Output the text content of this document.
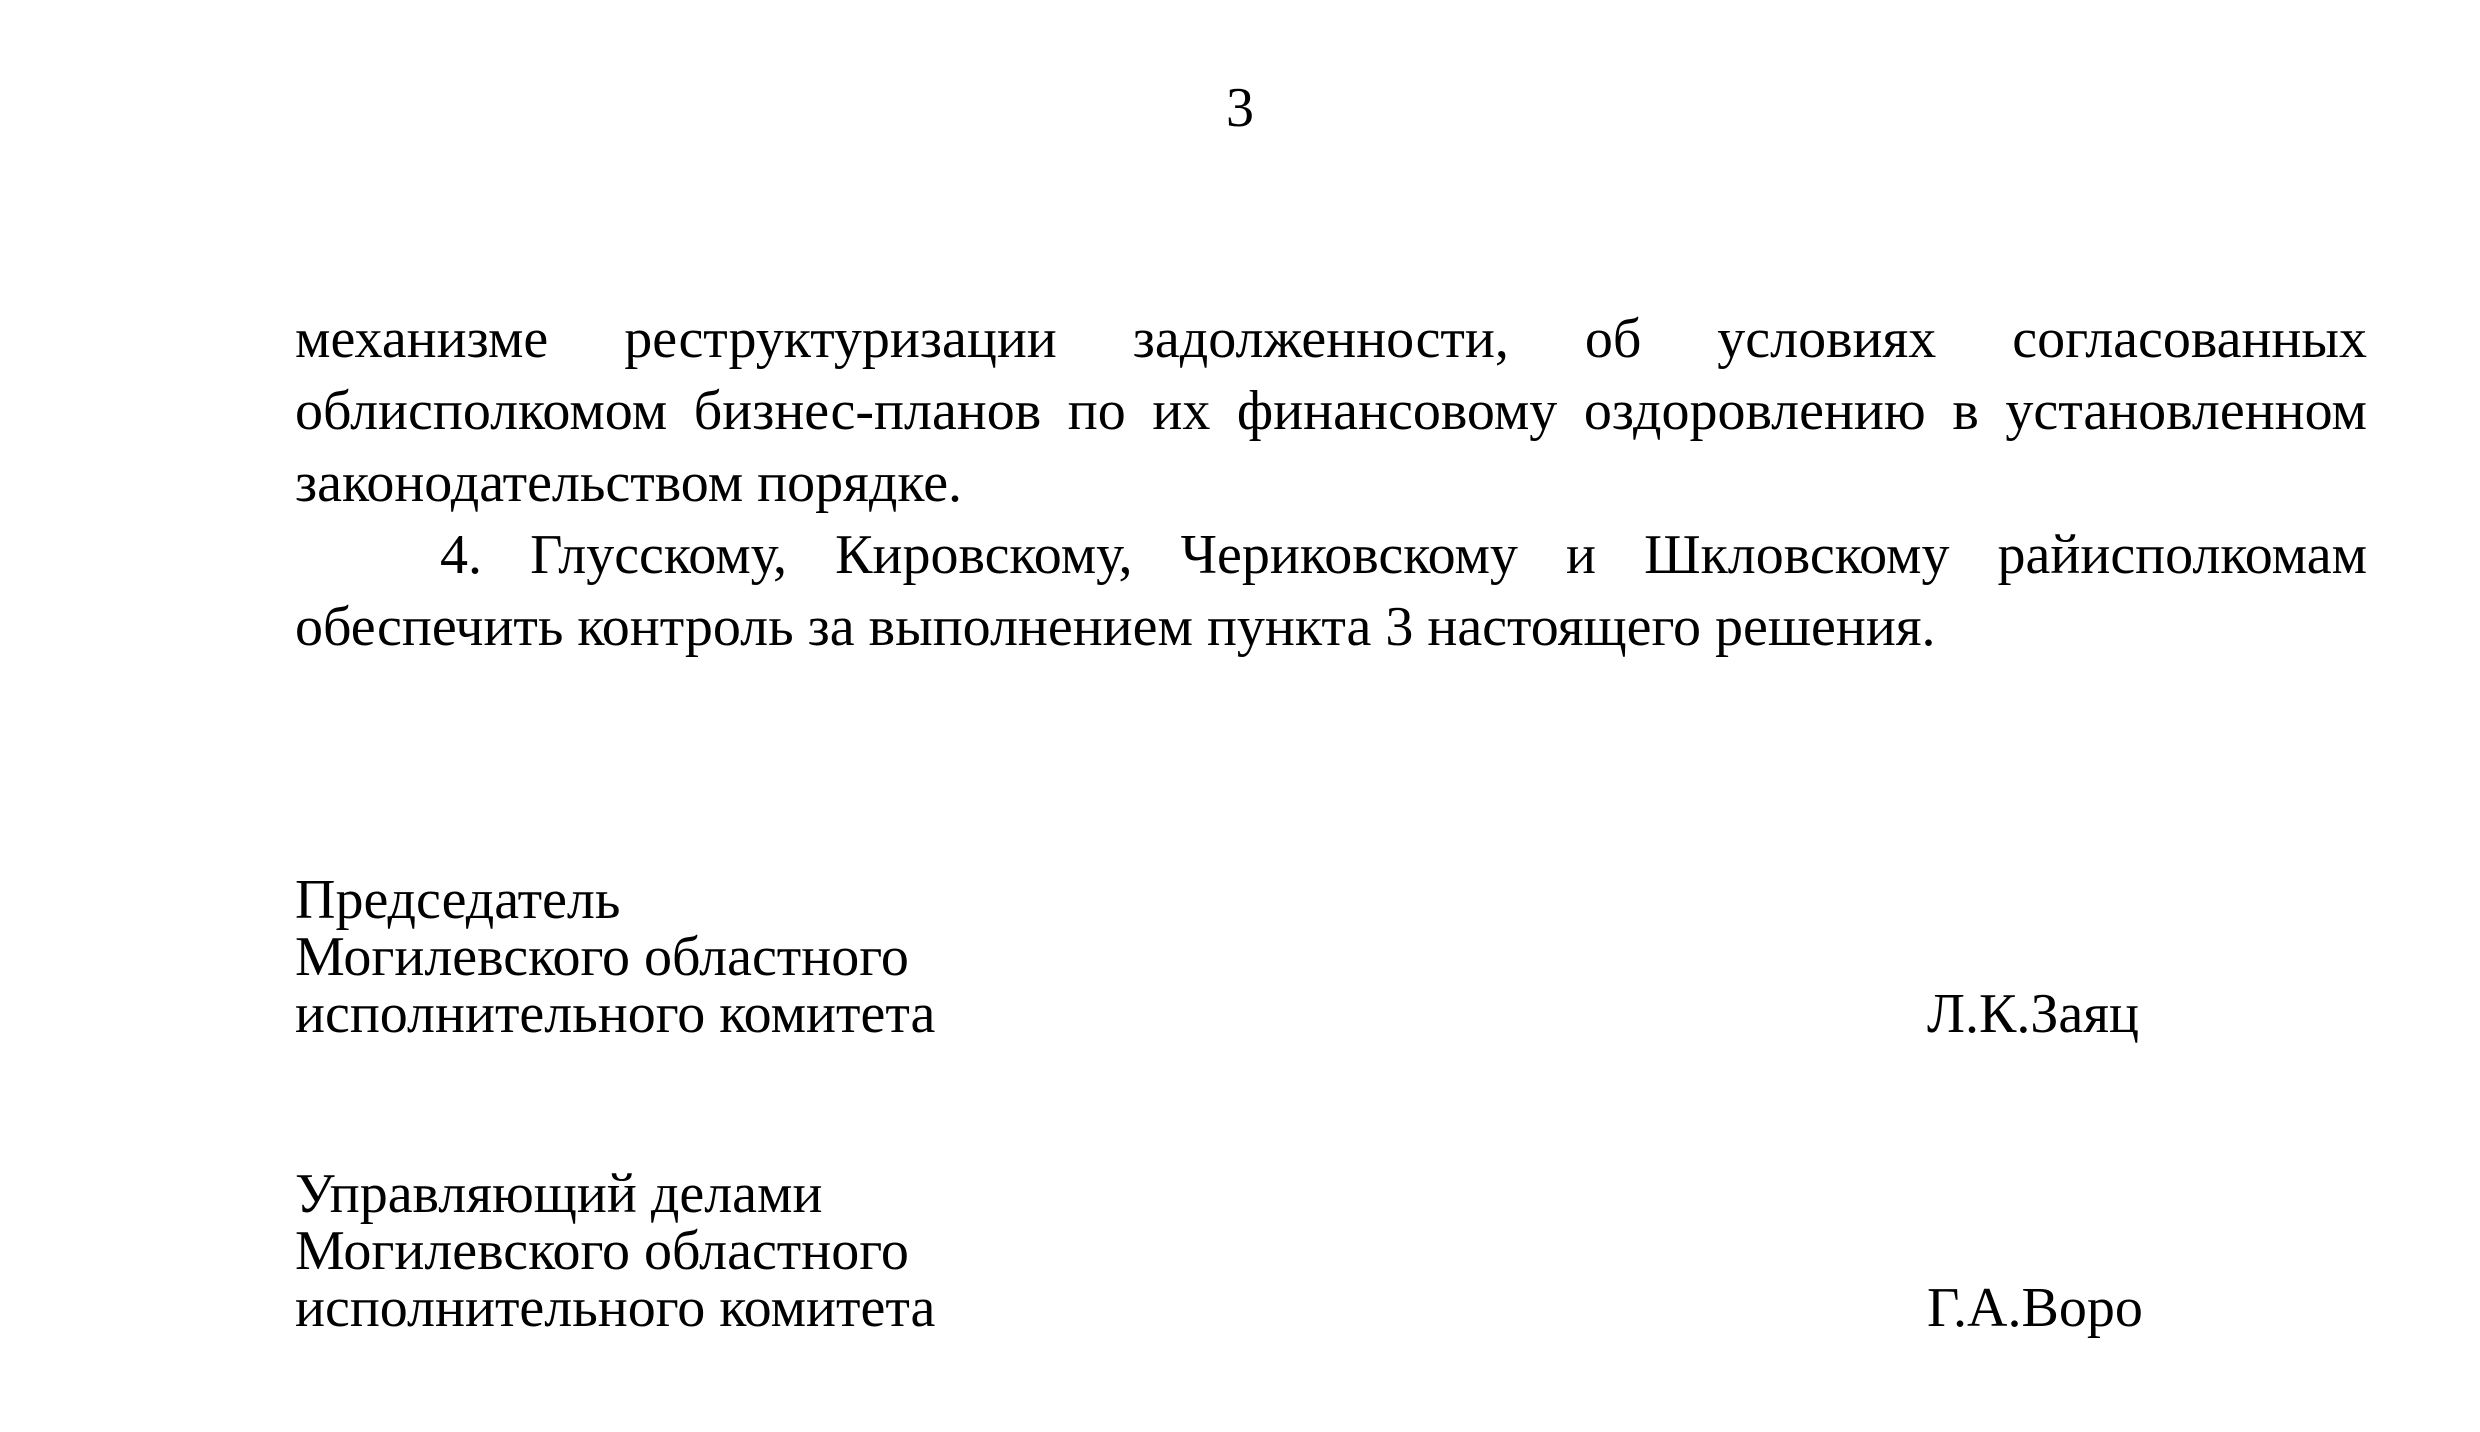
3

механизме реструктуризации задолженности, об условиях согласованных облисполкомом бизнес-планов по их финансовому оздоровлению в установленном законодательством порядке.

4. Глусскому, Кировскому, Чериковскому и Шкловскому райисполкомам обеспечить контроль за выполнением пункта 3 настоящего решения.

Председатель
Могилевского областного
исполнительного комитета	Л.К.Заяц
Управляющий делами
Могилевского областного
исполнительного комитета	Г.А.Воро
